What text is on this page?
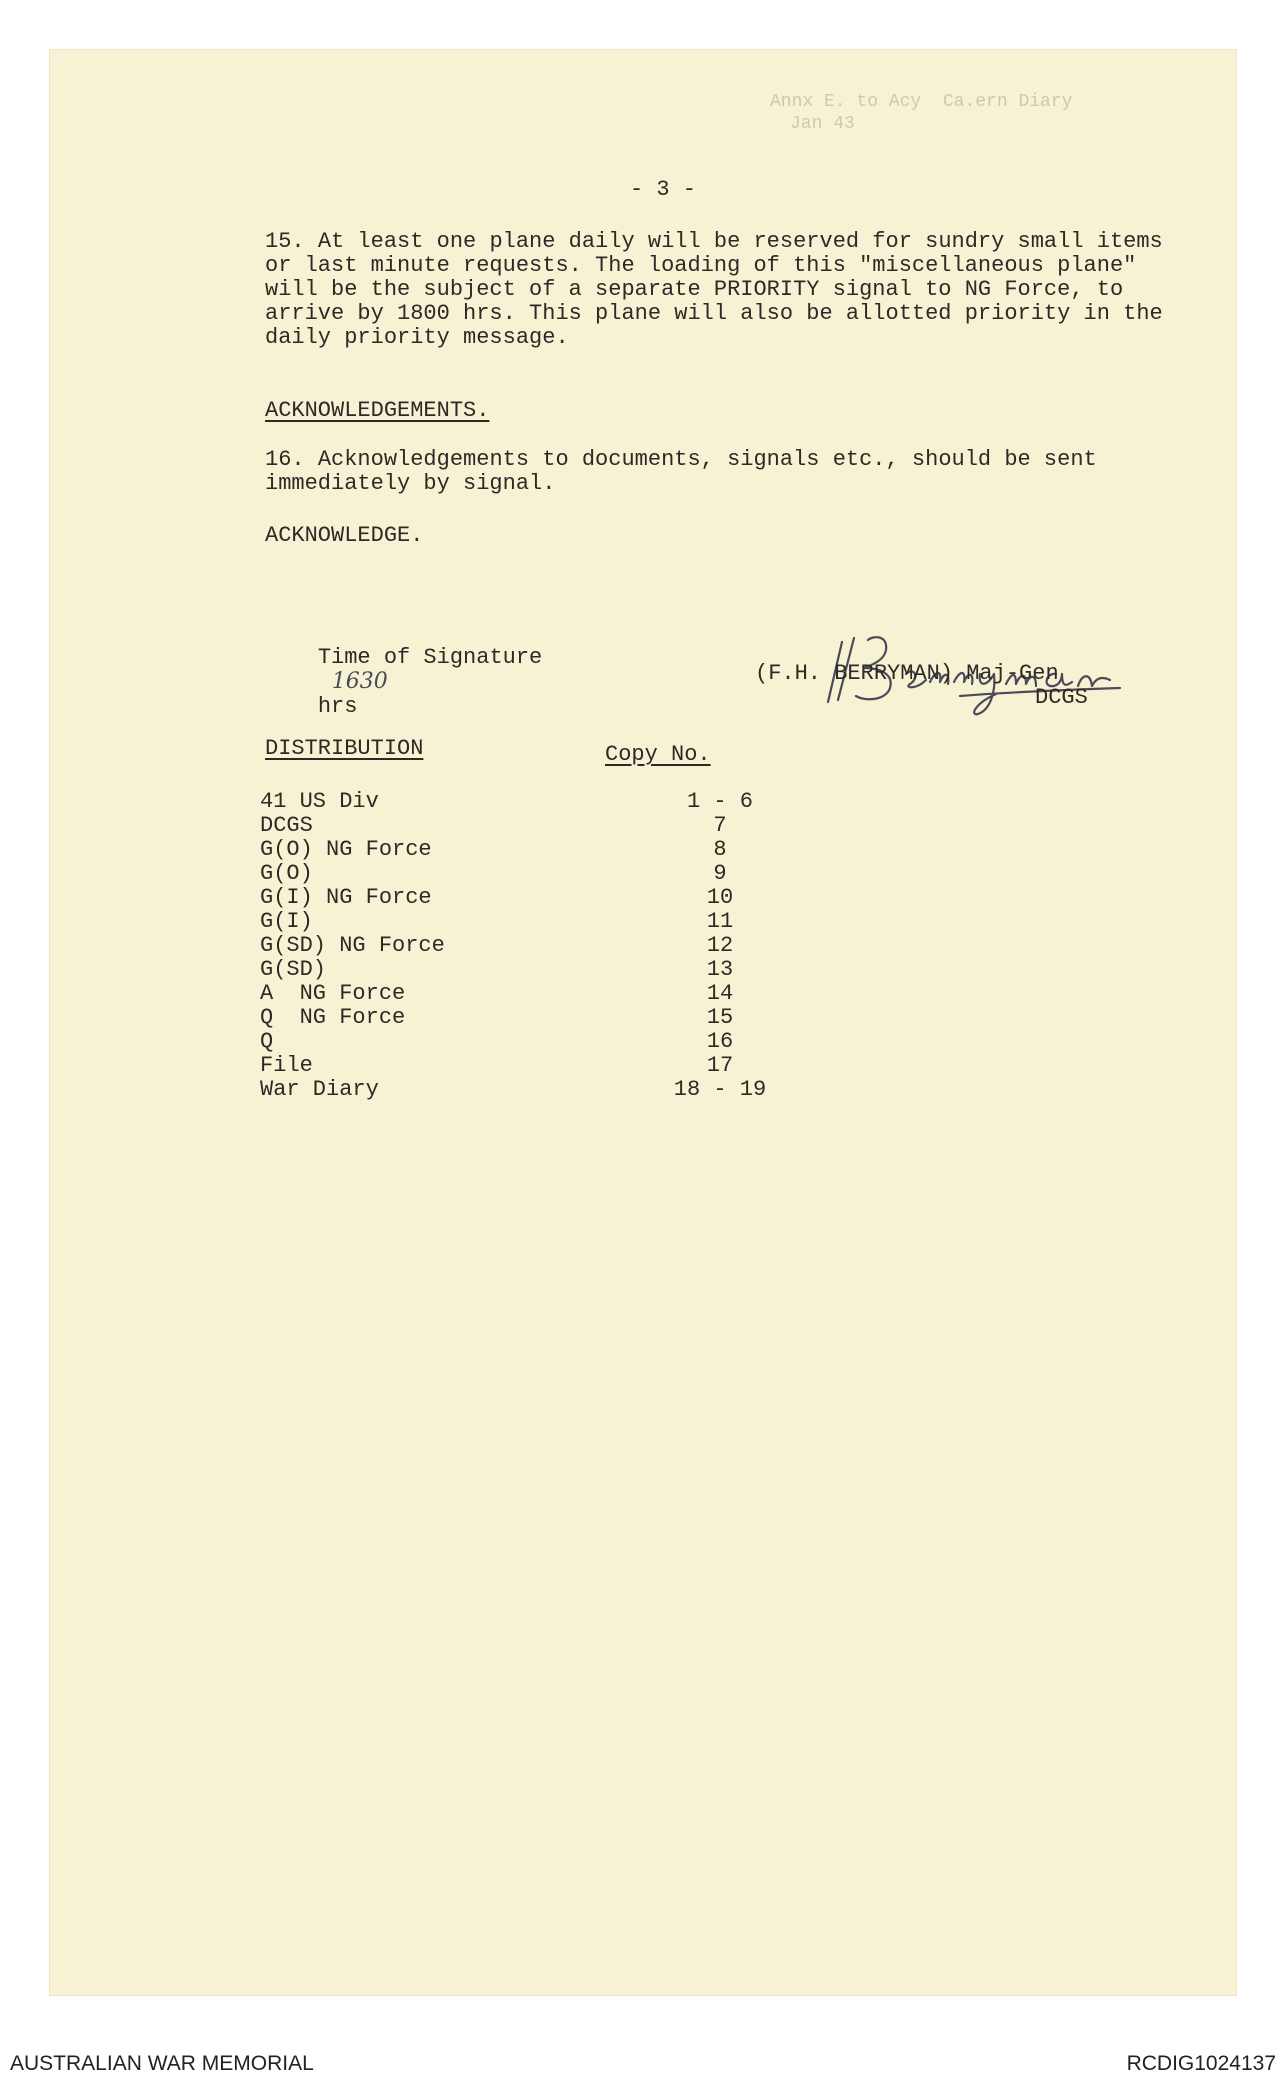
Annx E. to Acy  Ca.ern Diary
Jan 43
- 3 -
15. At least one plane daily will be reserved for sundry small items or last minute requests. The loading of this "miscellaneous plane" will be the subject of a separate PRIORITY signal to NG Force, to arrive by 1800 hrs. This plane will also be allotted priority in the daily priority message.
ACKNOWLEDGEMENTS.
16. Acknowledgements to documents, signals etc., should be sent immediately by signal.
ACKNOWLEDGE.

Time of Signature
1630
hrs

(F.H. BERRYMAN) Maj-Gen
DCGS
DISTRIBUTION	Copy No.
41 US Div	1 - 6
DCGS	7
G(O) NG Force	8
G(O)	9
G(I) NG Force	10
G(I)	11
G(SD) NG Force	12
G(SD)	13
A  NG Force	14
Q  NG Force	15
Q	16
File	17
War Diary	18 - 19
AUSTRALIAN WAR MEMORIAL	RCDIG1024137
